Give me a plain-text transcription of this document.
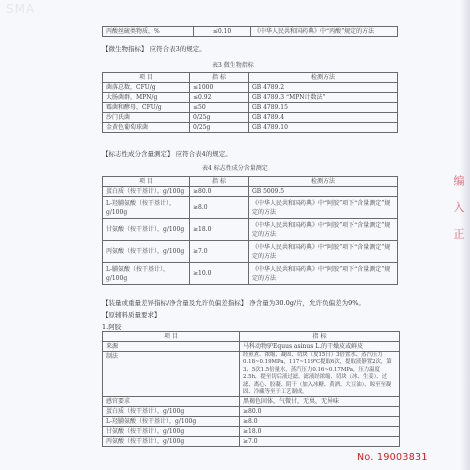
SMA
丙酸丝硫类物质，%	≤0.10	《中华人民共和国药典》中“丙酸”规定的方法
【微生物指标】 应符合表3的规定。
表3 微生物指标
项 目	指 标	检测方法
菌落总数，CFU/g	≤1000	GB 4789.2
大肠菌群，MPN/g	≤0.92	GB 4789.3 “MPN计数法”
霉菌和酵母，CFU/g	≤50	GB 4789.15
沙门氏菌	0/25g	GB 4789.4
金黄色葡萄球菌	0/25g	GB 4789.10
【标志性成分含量测定】 应符合表4的规定。
表4 标志性成分含量测定
项 目	指 标	检测方法
蛋白质（按干基计），g/100g	≥80.0	GB 5009.5
L-羟脯氨酸（按干基计），g/100g	≥8.0	《中华人民共和国药典》中“阿胶”项下“含量测定”规定的方法
甘氨酸（按干基计），g/100g	≥18.0	《中华人民共和国药典》中“阿胶”项下“含量测定”规定的方法
丙氨酸（按干基计），g/100g	≥7.0	《中华人民共和国药典》中“阿胶”项下“含量测定”规定的方法
L-脯氨酸（按干基计），g/100g	≥10.0	《中华人民共和国药典》中“阿胶”项下“含量测定”规定的方法
【装量或重量差异指标/净含量及允许负偏差指标】 净含量为30.0g/片，允许负偏差为9%。
【原辅料质量要求】
1.阿胶
项 目	指 标
来源	马科动物驴Equus asinus L.的干燥皮或鲜皮
制法	经煎煮、浓缩、凝固、切块（皮15日）3倍置水、蒸汽压力0.18~0.19MPa，117~119℃提取6次，提取液静置2次，第3、5次1.5倍量水，蒸汽压力0.16~0.17MPa，压力温度2.5h，提至切后液过滤，滤液经浓缩、切块（冰、生姜）、过滤、离心、胶凝、阴干（加入冰糖、黄酒、大豆油）、晾至至凝固、冷藏等至于工艺制成。
感官要求	黑褐色固体，气微甘，无臭，无异味
蛋白质（按干基计），g/100g	≥80.0
L-羟脯氨酸（按干基计），g/100g	≥8.0
甘氨酸（按干基计），g/100g	≥18.0
丙氨酸（按干基计），g/100g	≥7.0
编 入 正
No. 19003831
